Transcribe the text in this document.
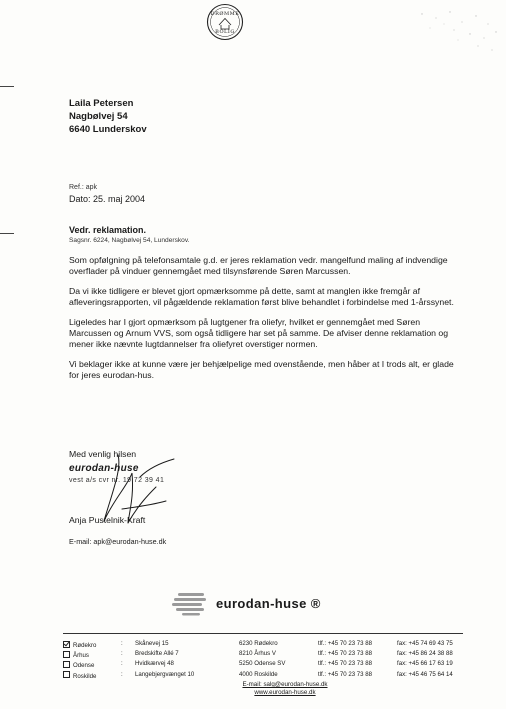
DRØMME
BOLIG
Laila Petersen
Nagbølvej 54
6640 Lunderskov
Ref.: apk
Dato: 25. maj 2004
Vedr. reklamation.
Sagsnr. 6224, Nagbølvej 54, Lunderskov.

Som opfølgning på telefonsamtale g.d. er jeres reklamation vedr. mangelfund maling af indvendige overflader på vinduer gennemgået med tilsynsførende Søren Marcussen.

Da vi ikke tidligere er blevet gjort opmærksomme på dette, samt at manglen ikke fremgår af afleveringsrapporten, vil pågældende reklamation først blive behandlet i forbindelse med 1-årssynet.

Ligeledes har I gjort opmærksom på lugtgener fra oliefyr, hvilket er gennemgået med Søren Marcussen og Arnum VVS, som også tidligere har set på samme. De afviser denne reklamation og mener ikke nævnte lugtdannelser fra oliefyret overstiger normen.

Vi beklager ikke at kunne være jer behjælpelige med ovenstående, men håber at I trods alt, er glade for jeres eurodan-hus.

Med venlig hilsen
eurodan-huse
vest a/s cvr nr. 19 72 39 41
Anja Pustelnik-Kraft
E-mail: apk@eurodan-huse.dk
eurodan-huse ®
Rødekro	:	Skånevej 15	6230 Rødekro	tlf.: +45 70 23 73 88	fax: +45 74 69 43 75
Århus	:	Bredskifte Allé 7	8210 Århus V	tlf.: +45 70 23 73 88	fax: +45 86 24 38 88
Odense	:	Hvidkærvej 48	5250 Odense SV	tlf.: +45 70 23 73 88	fax: +45 66 17 63 19
Roskilde	:	Langebjergvænget 10	4000 Roskilde	tlf.: +45 70 23 73 88	fax: +45 46 75 64 14
E-mail: salg@eurodan-huse.dk
www.eurodan-huse.dk
